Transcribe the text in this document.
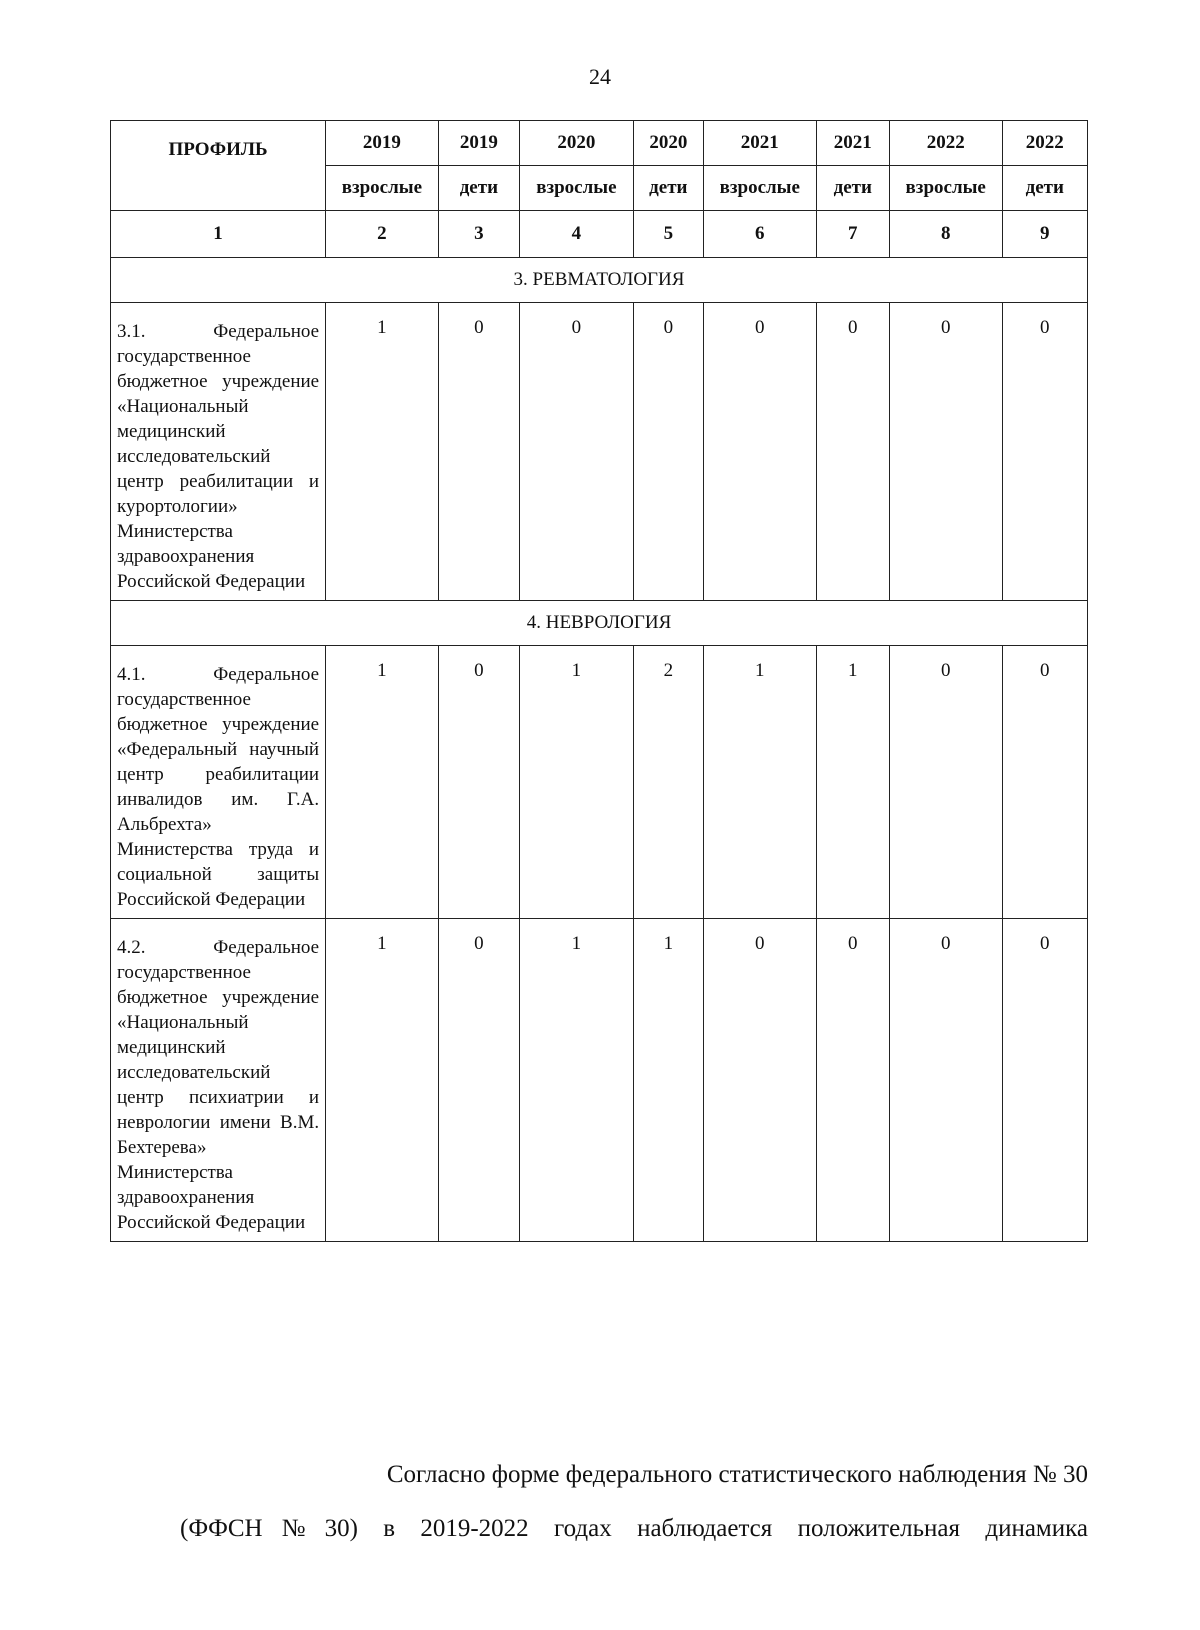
24
ПРОФИЛЬ	2019	2019	2020	2020	2021	2021	2022	2022
	взрослые	дети	взрослые	дети	взрослые	дети	взрослые	дети
1	2	3	4	5	6	7	8	9
3. РЕВМАТОЛОГИЯ								
3.1. Федеральное государственное бюджетное учреждение «Национальный медицинский исследовательский центр реабилитации и курортологии» Министерства здравоохранения Российской Федерации	1	0	0	0	0	0	0	0
4. НЕВРОЛОГИЯ								
4.1. Федеральное государственное бюджетное учреждение «Федеральный научный центр реабилитации инвалидов им. Г.А. Альбрехта» Министерства труда и социальной защиты Российской Федерации	1	0	1	2	1	1	0	0
4.2. Федеральное государственное бюджетное учреждение «Национальный медицинский исследовательский центр психиатрии и неврологии имени В.М. Бехтерева» Министерства здравоохранения Российской Федерации	1	0	1	1	0	0	0	0
Согласно форме федерального статистического наблюдения № 30
(ФФСН№30) в 2019-2022 годах наблюдается положительная динамика
